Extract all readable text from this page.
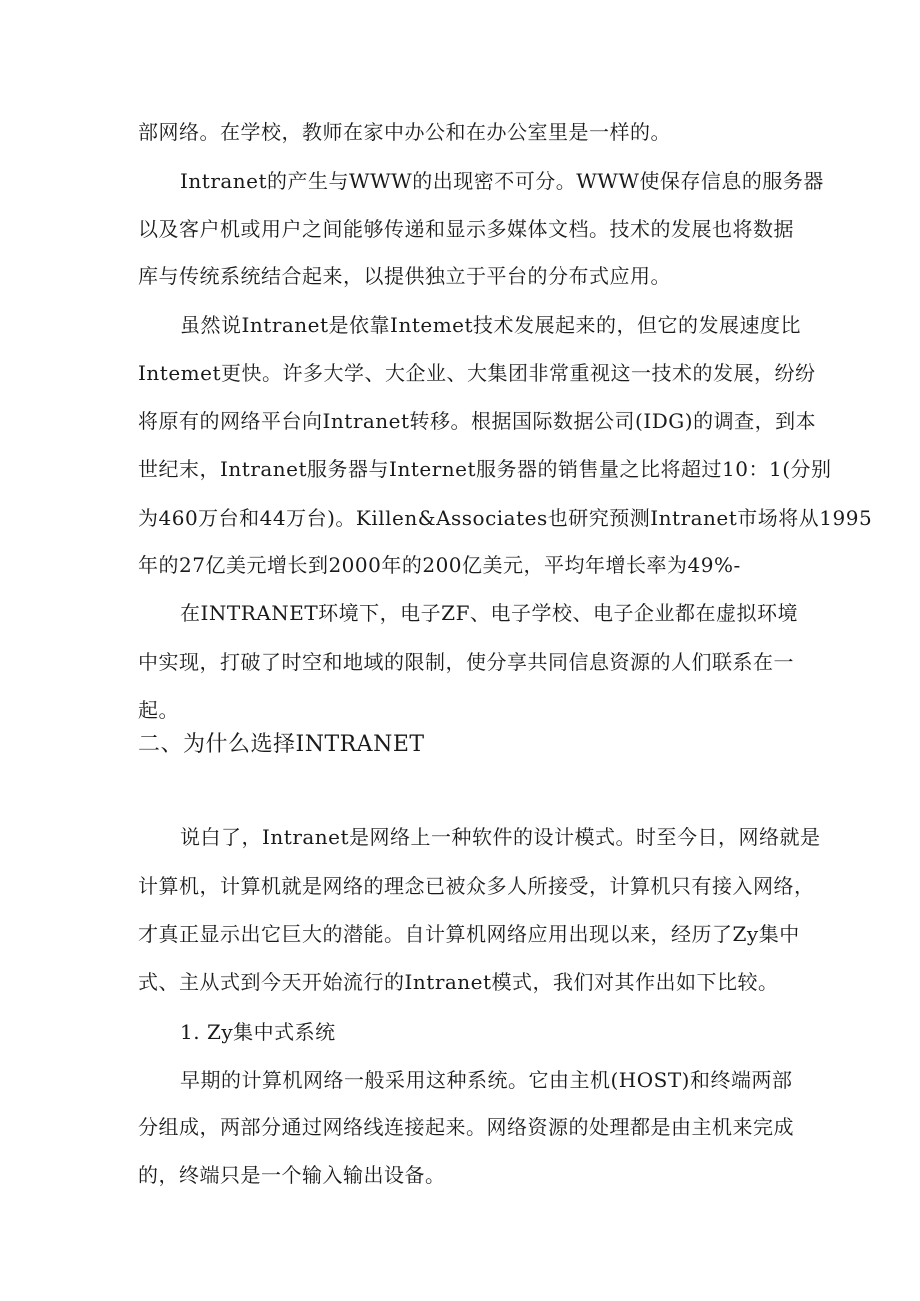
部网络。在学校，教师在家中办公和在办公室里是一样的。
Intranet的产生与WWW的出现密不可分。WWW使保存信息的服务器
以及客户机或用户之间能够传递和显示多媒体文档。技术的发展也将数据
库与传统系统结合起来，以提供独立于平台的分布式应用。
虽然说Intranet是依靠Intemet技术发展起来的，但它的发展速度比
Intemet更快。许多大学、大企业、大集团非常重视这一技术的发展，纷纷
将原有的网络平台向Intranet转移。根据国际数据公司(IDG)的调查，到本
世纪末，Intranet服务器与Internet服务器的销售量之比将超过10：1(分别
为460万台和44万台)。Killen&Associates也研究预测Intranet市场将从1995
年的27亿美元增长到2000年的200亿美元，平均年增长率为49%-
在INTRANET环境下，电子ZF、电子学校、电子企业都在虚拟环境
中实现，打破了时空和地域的限制，使分享共同信息资源的人们联系在一
起。
二、为什么选择INTRANET
说白了，Intranet是网络上一种软件的设计模式。时至今日，网络就是
计算机，计算机就是网络的理念已被众多人所接受，计算机只有接入网络，
才真正显示出它巨大的潜能。自计算机网络应用出现以来，经历了Zy集中
式、主从式到今天开始流行的Intranet模式，我们对其作出如下比较。
1. Zy集中式系统
早期的计算机网络一般采用这种系统。它由主机(HOST)和终端两部
分组成，两部分通过网络线连接起来。网络资源的处理都是由主机来完成
的，终端只是一个输入输出设备。
